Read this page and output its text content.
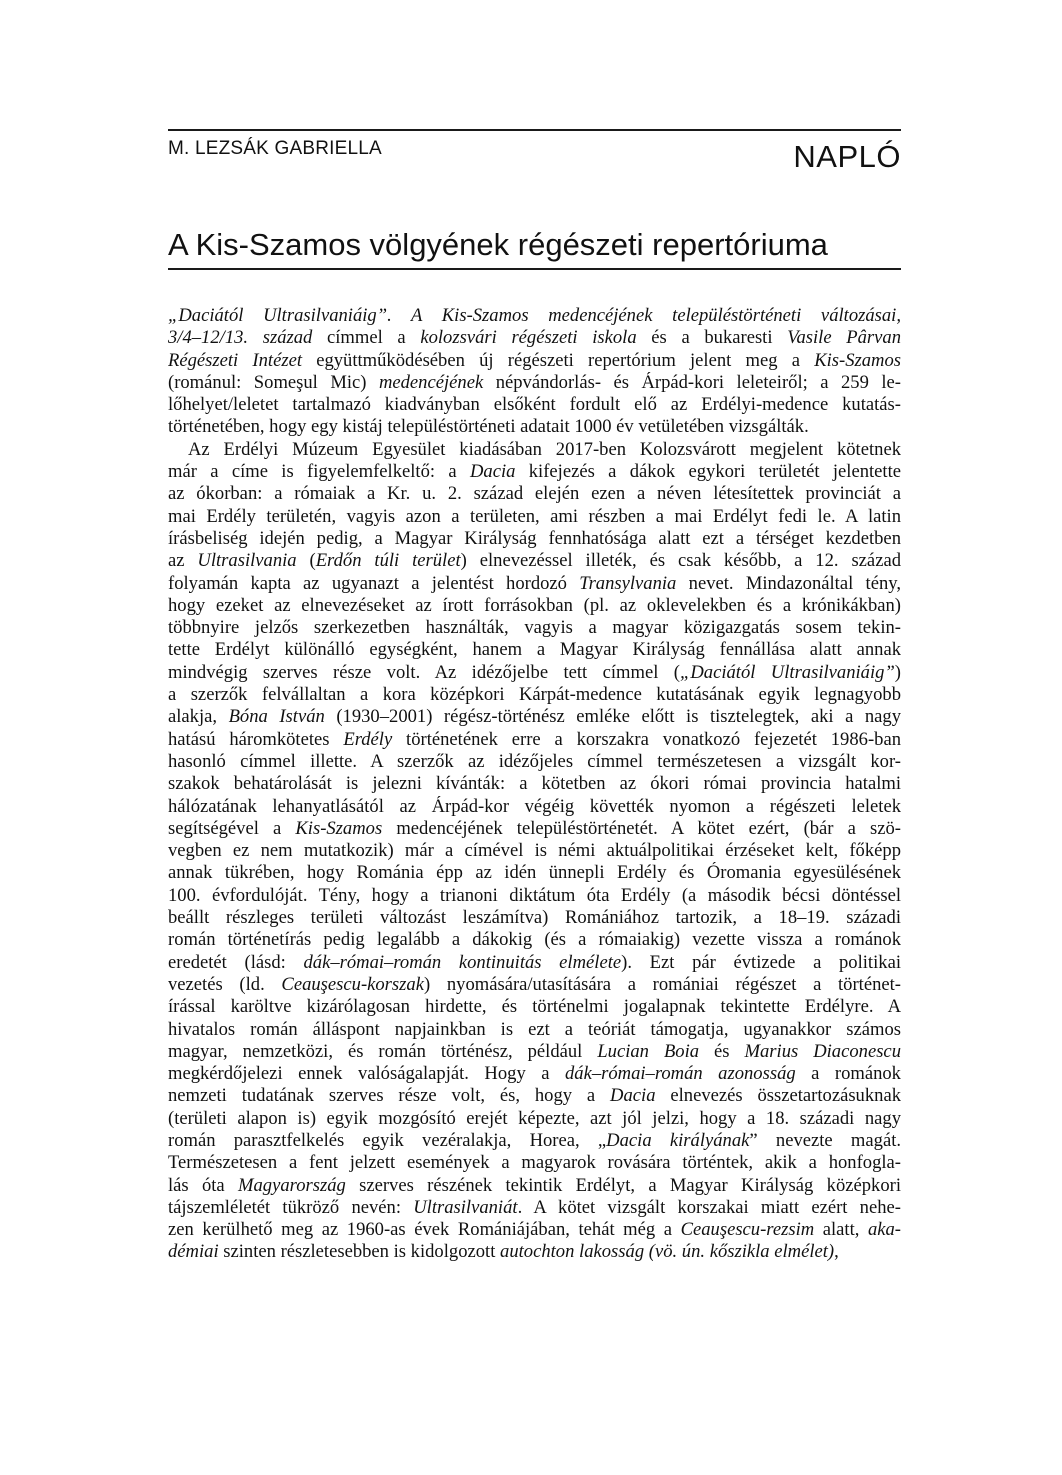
M. LEZSÁK GABRIELLA	NAPLÓ
A Kis-Szamos völgyének régészeti repertóriuma
„Daciától Ultrasilvaniáig”. A Kis-Szamos medencéjének településtörténeti változásai,
3/4–12/13. század címmel a kolozsvári régészeti iskola és a bukaresti Vasile Pârvan
Régészeti Intézet együttműködésében új régészeti repertórium jelent meg a Kis-Szamos
(románul: Someşul Mic) medencéjének népvándorlás- és Árpád-kori leleteiről; a 259 le-
lőhelyet/leletet tartalmazó kiadványban elsőként fordult elő az Erdélyi-medence kutatás-
történetében, hogy egy kistáj településtörténeti adatait 1000 év vetületében vizsgálták.
Az Erdélyi Múzeum Egyesület kiadásában 2017-ben Kolozsvárott megjelent kötetnek
már a címe is figyelemfelkeltő: a Dacia kifejezés a dákok egykori területét jelentette
az ókorban: a rómaiak a Kr. u. 2. század elején ezen a néven létesítettek provinciát a
mai Erdély területén, vagyis azon a területen, ami részben a mai Erdélyt fedi le. A latin
írásbeliség idején pedig, a Magyar Királyság fennhatósága alatt ezt a térséget kezdetben
az Ultrasilvania (Erdőn túli terület) elnevezéssel illeték, és csak később, a 12. század
folyamán kapta az ugyanazt a jelentést hordozó Transylvania nevet. Mindazonáltal tény,
hogy ezeket az elnevezéseket az írott forrásokban (pl. az oklevelekben és a krónikákban)
többnyire jelzős szerkezetben használták, vagyis a magyar közigazgatás sosem tekin-
tette Erdélyt különálló egységként, hanem a Magyar Királyság fennállása alatt annak
mindvégig szerves része volt. Az idézőjelbe tett címmel („Daciától Ultrasilvaniáig”)
a szerzők felvállaltan a kora középkori Kárpát-medence kutatásának egyik legnagyobb
alakja, Bóna István (1930–2001) régész-történész emléke előtt is tisztelegtek, aki a nagy
hatású háromkötetes Erdély történetének erre a korszakra vonatkozó fejezetét 1986-ban
hasonló címmel illette. A szerzők az idézőjeles címmel természetesen a vizsgált kor-
szakok behatárolását is jelezni kívánták: a kötetben az ókori római provincia hatalmi
hálózatának lehanyatlásától az Árpád-kor végéig követték nyomon a régészeti leletek
segítségével a Kis-Szamos medencéjének településtörténetét. A kötet ezért, (bár a szö-
vegben ez nem mutatkozik) már a címével is némi aktuálpolitikai érzéseket kelt, főképp
annak tükrében, hogy Románia épp az idén ünnepli Erdély és Óromania egyesülésének
100. évfordulóját. Tény, hogy a trianoni diktátum óta Erdély (a második bécsi döntéssel
beállt részleges területi változást leszámítva) Romániához tartozik, a 18–19. századi
román történetírás pedig legalább a dákokig (és a rómaiakig) vezette vissza a románok
eredetét (lásd: dák–római–román kontinuitás elmélete). Ezt pár évtizede a politikai
vezetés (ld. Ceauşescu-korszak) nyomására/utasítására a romániai régészet a történet-
írással karöltve kizárólagosan hirdette, és történelmi jogalapnak tekintette Erdélyre. A
hivatalos román álláspont napjainkban is ezt a teóriát támogatja, ugyanakkor számos
magyar, nemzetközi, és román történész, például Lucian Boia és Marius Diaconescu
megkérdőjelezi ennek valóságalapját. Hogy a dák–római–román azonosság a románok
nemzeti tudatának szerves része volt, és, hogy a Dacia elnevezés összetartozásuknak
(területi alapon is) egyik mozgósító erejét képezte, azt jól jelzi, hogy a 18. századi nagy
román parasztfelkelés egyik vezéralakja, Horea, „Dacia királyának” nevezte magát.
Természetesen a fent jelzett események a magyarok rovására történtek, akik a honfogla-
lás óta Magyarország szerves részének tekintik Erdélyt, a Magyar Királyság középkori
tájszemléletét tükröző nevén: Ultrasilvaniát. A kötet vizsgált korszakai miatt ezért nehe-
zen kerülhető meg az 1960-as évek Romániájában, tehát még a Ceauşescu-rezsim alatt, aka-
démiai szinten részletesebben is kidolgozott autochton lakosság (vö. ún. kőszikla elmélet),
